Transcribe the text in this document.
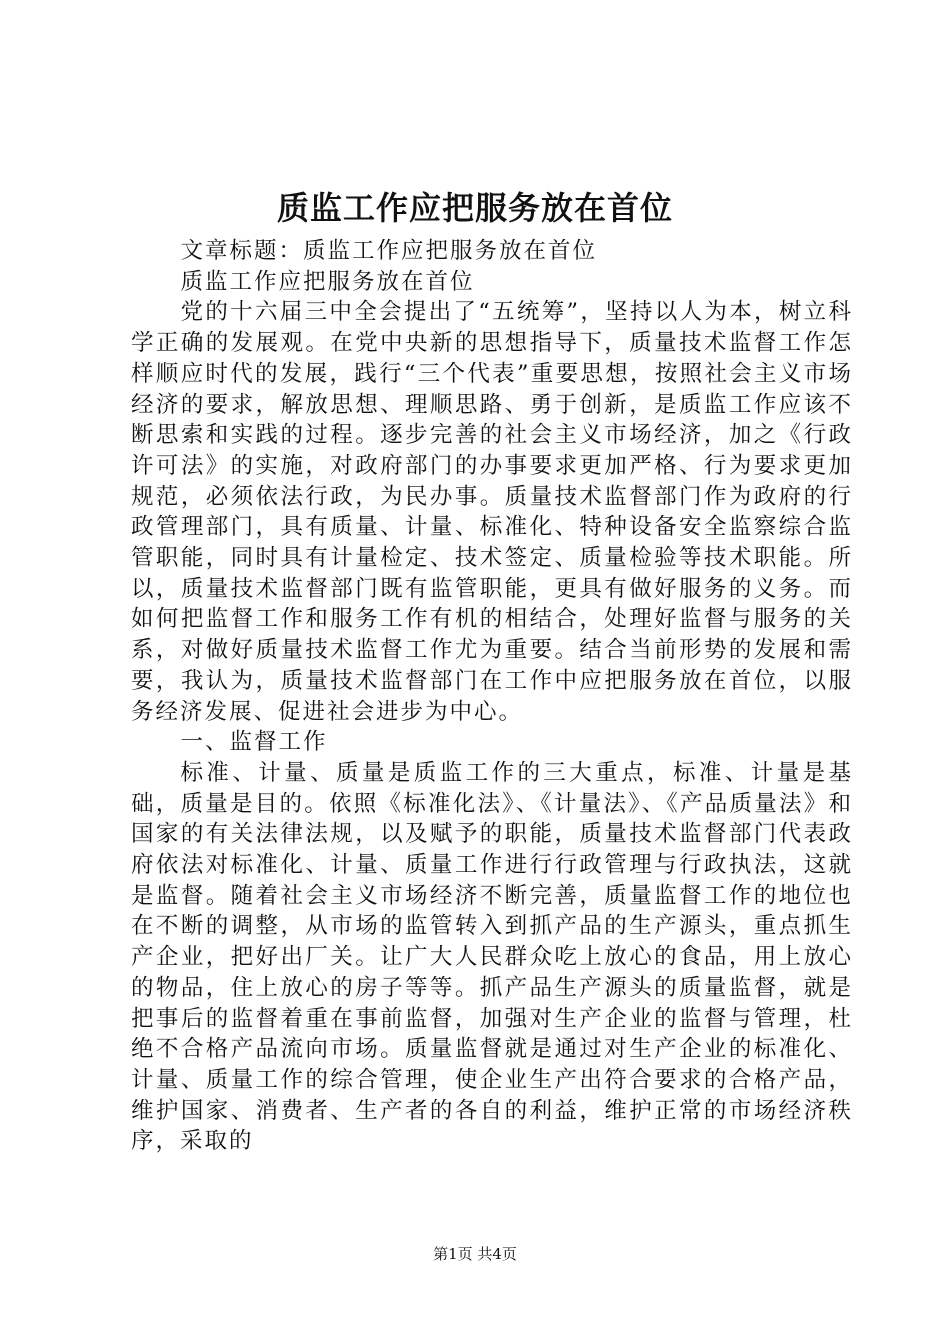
质监工作应把服务放在首位

文章标题：质监工作应把服务放在首位

质监工作应把服务放在首位

党的十六届三中全会提出了“五统筹”，坚持以人为本，树立科学正确的发展观。在党中央新的思想指导下，质量技术监督工作怎样顺应时代的发展，践行“三个代表”重要思想，按照社会主义市场经济的要求，解放思想、理顺思路、勇于创新，是质监工作应该不断思索和实践的过程。逐步完善的社会主义市场经济，加之《行政许可法》的实施，对政府部门的办事要求更加严格、行为要求更加规范，必须依法行政，为民办事。质量技术监督部门作为政府的行政管理部门，具有质量、计量、标准化、特种设备安全监察综合监管职能，同时具有计量检定、技术签定、质量检验等技术职能。所以，质量技术监督部门既有监管职能，更具有做好服务的义务。而如何把监督工作和服务工作有机的相结合，处理好监督与服务的关系，对做好质量技术监督工作尤为重要。结合当前形势的发展和需要，我认为，质量技术监督部门在工作中应把服务放在首位，以服务经济发展、促进社会进步为中心。

一、监督工作

标准、计量、质量是质监工作的三大重点，标准、计量是基础，质量是目的。依照《标准化法》、《计量法》、《产品质量法》和国家的有关法律法规，以及赋予的职能，质量技术监督部门代表政府依法对标准化、计量、质量工作进行行政管理与行政执法，这就是监督。随着社会主义市场经济不断完善，质量监督工作的地位也在不断的调整，从市场的监管转入到抓产品的生产源头，重点抓生产企业，把好出厂关。让广大人民群众吃上放心的食品，用上放心的物品，住上放心的房子等等。抓产品生产源头的质量监督，就是把事后的监督着重在事前监督，加强对生产企业的监督与管理，杜绝不合格产品流向市场。质量监督就是通过对生产企业的标准化、计量、质量工作的综合管理，使企业生产出符合要求的合格产品，维护国家、消费者、生产者的各自的利益，维护正常的市场经济秩序，采取的

第1页 共4页
